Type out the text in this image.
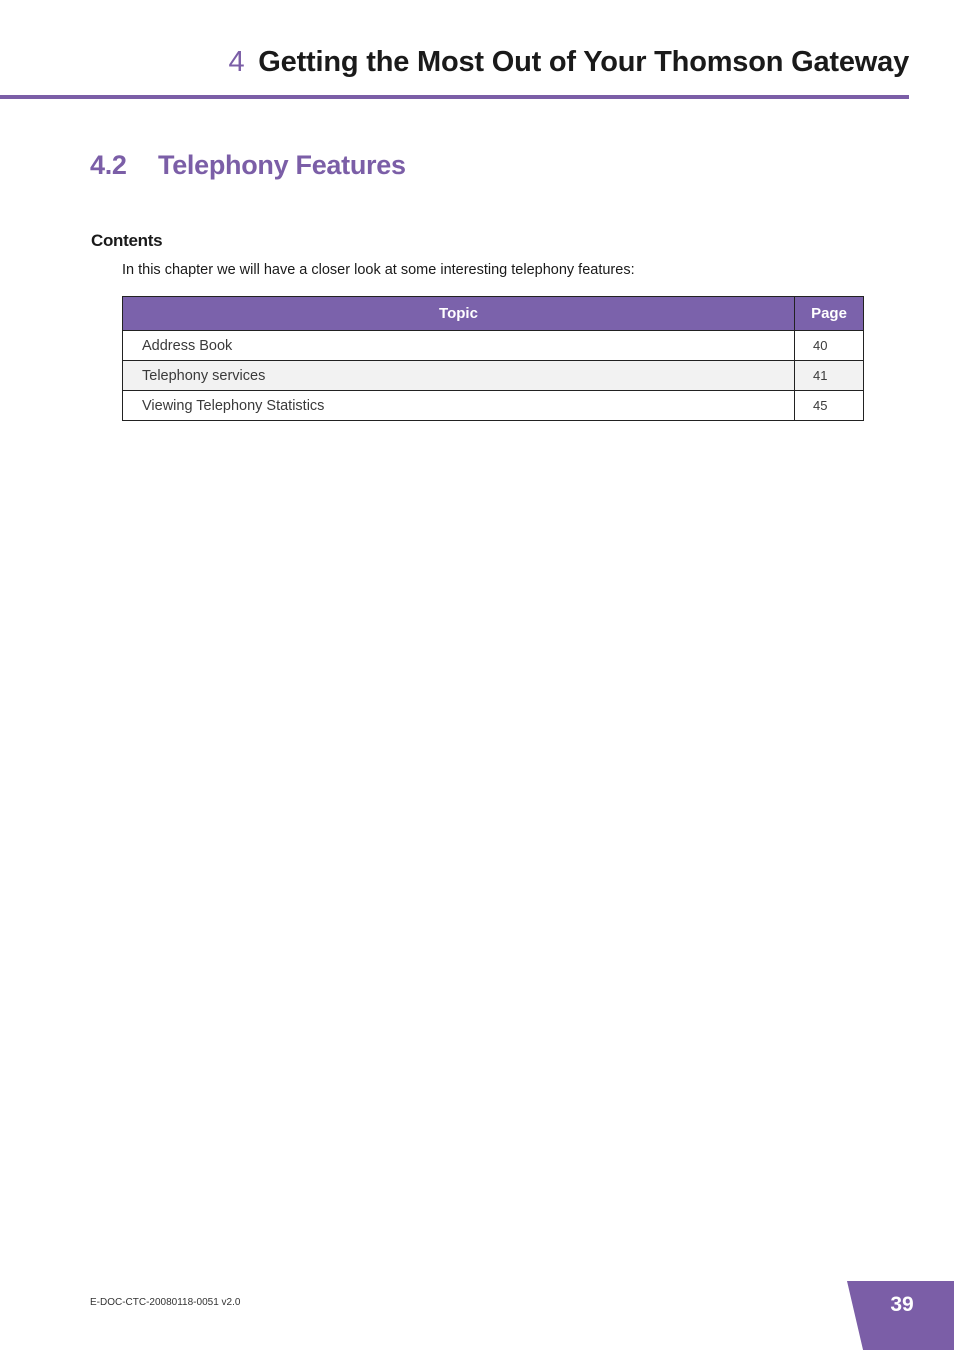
4 Getting the Most Out of Your Thomson Gateway
4.2 Telephony Features
Contents
In this chapter we will have a closer look at some interesting telephony features:
Topic	Page
Address Book	40
Telephony services	41
Viewing Telephony Statistics	45
E-DOC-CTC-20080118-0051 v2.0	39
